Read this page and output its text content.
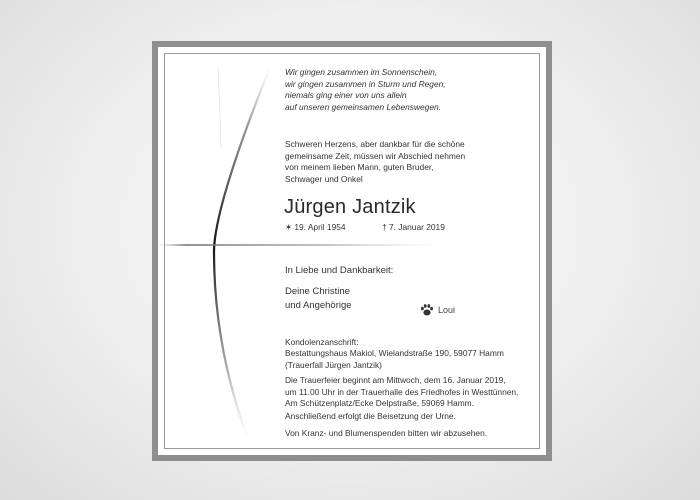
Wir gingen zusammen im Sonnenschein,
wir gingen zusammen in Sturm und Regen,
niemals ging einer von uns allein
auf unseren gemeinsamen Lebenswegen.
Schweren Herzens, aber dankbar für die schöne
gemeinsame Zeit, müssen wir Abschied nehmen
von meinem lieben Mann, guten Bruder,
Schwager und Onkel
Jürgen Jantzik
✶ 19. April 1954	† 7. Januar 2019
In Liebe und Dankbarkeit:
Deine Christine
und Angehörige	Loui
Kondolenzanschrift:
Bestattungshaus Makiol, Wielandstraße 190, 59077 Hamm
(Trauerfall Jürgen Jantzik)
Die Trauerfeier beginnt am Mittwoch, dem 16. Januar 2019,
um 11.00 Uhr in der Trauerhalle des Friedhofes in Westtünnen,
Am Schützenplatz/Ecke Delpstraße, 59069 Hamm.
Anschließend erfolgt die Beisetzung der Urne.
Von Kranz- und Blumenspenden bitten wir abzusehen.
